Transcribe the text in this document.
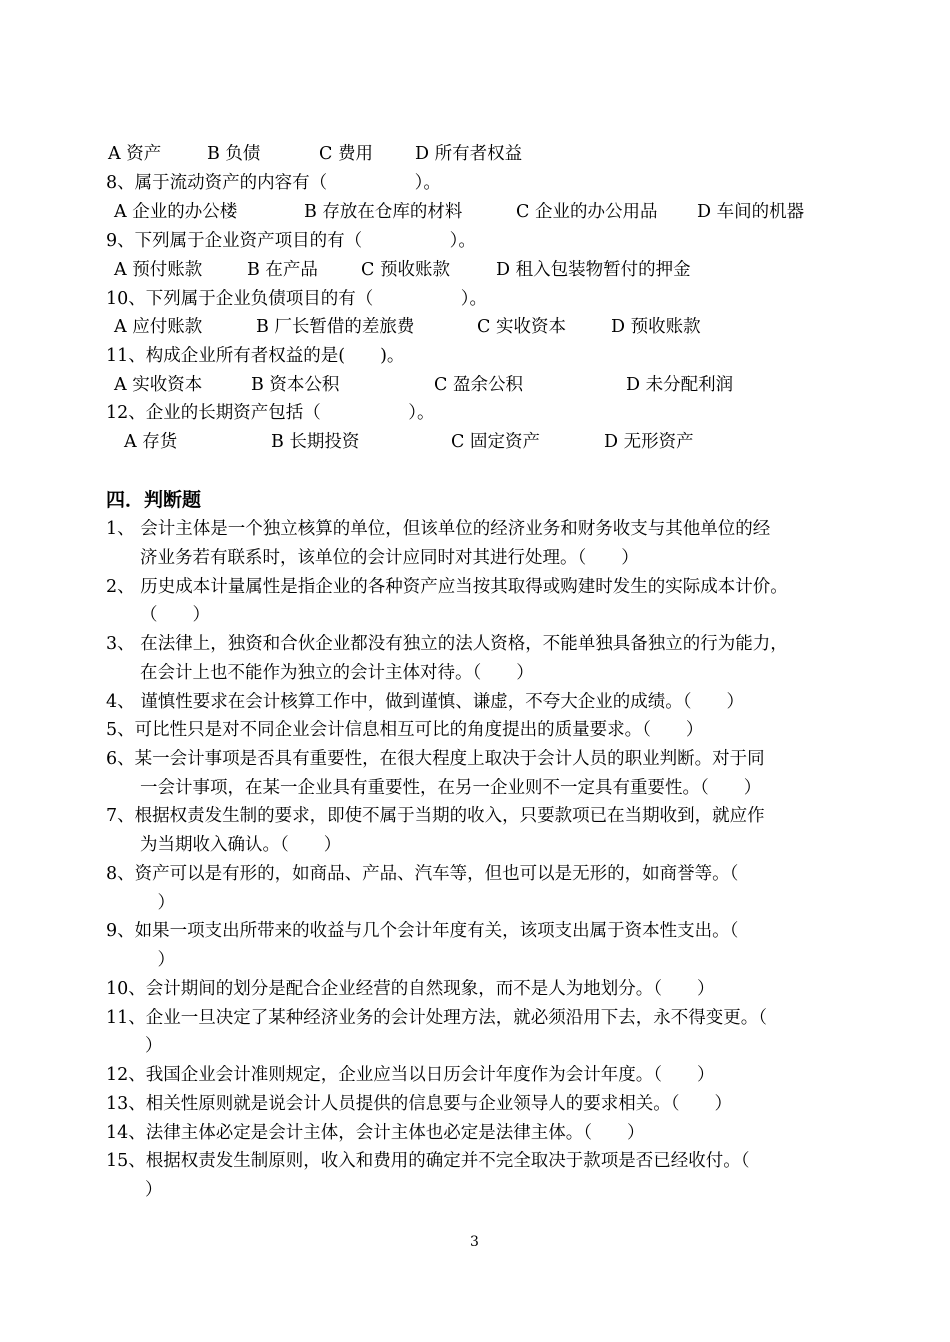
A 资产	B 负债	C 费用 D 所有者权益
8、属于流动资产的内容有（　　　　　）。
A 企业的办公楼	B 存放在仓库的材料	C 企业的办公用品 D 车间的机器
9、下列属于企业资产项目的有（　　　　　）。
A 预付账款	B 在产品 C 预收账款	D 租入包装物暂付的押金
10、下列属于企业负债项目的有（　　　　　）。
A 应付账款	B 厂长暂借的差旅费	C 实收资本	D 预收账款
11、构成企业所有者权益的是(　　)。
A 实收资本	B 资本公积	C 盈余公积	D 未分配利润
12、企业的长期资产包括（　　　　　）。
A 存货	B 长期投资	C 固定资产	D 无形资产
四．判断题
1、 会计主体是一个独立核算的单位，但该单位的经济业务和财务收支与其他单位的经
济业务若有联系时，该单位的会计应同时对其进行处理。（　　）
2、 历史成本计量属性是指企业的各种资产应当按其取得或购建时发生的实际成本计价。
（　　）
3、 在法律上，独资和合伙企业都没有独立的法人资格，不能单独具备独立的行为能力，
在会计上也不能作为独立的会计主体对待。（　　）
4、 谨慎性要求在会计核算工作中，做到谨慎、谦虚，不夸大企业的成绩。（　　）
5、可比性只是对不同企业会计信息相互可比的角度提出的质量要求。（　　）
6、某一会计事项是否具有重要性，在很大程度上取决于会计人员的职业判断。对于同
一会计事项，在某一企业具有重要性，在另一企业则不一定具有重要性。（　　）
7、根据权责发生制的要求，即使不属于当期的收入，只要款项已在当期收到，就应作
为当期收入确认。（　　）
8、资产可以是有形的，如商品、产品、汽车等，但也可以是无形的，如商誉等。（
　）
9、如果一项支出所带来的收益与几个会计年度有关，该项支出属于资本性支出。（
　）
10、会计期间的划分是配合企业经营的自然现象，而不是人为地划分。（　　）
11、企业一旦决定了某种经济业务的会计处理方法，就必须沿用下去，永不得变更。（
）
12、我国企业会计准则规定，企业应当以日历会计年度作为会计年度。（　　）
13、相关性原则就是说会计人员提供的信息要与企业领导人的要求相关。（　　）
14、法律主体必定是会计主体，会计主体也必定是法律主体。（　　）
15、根据权责发生制原则，收入和费用的确定并不完全取决于款项是否已经收付。（
）
3
